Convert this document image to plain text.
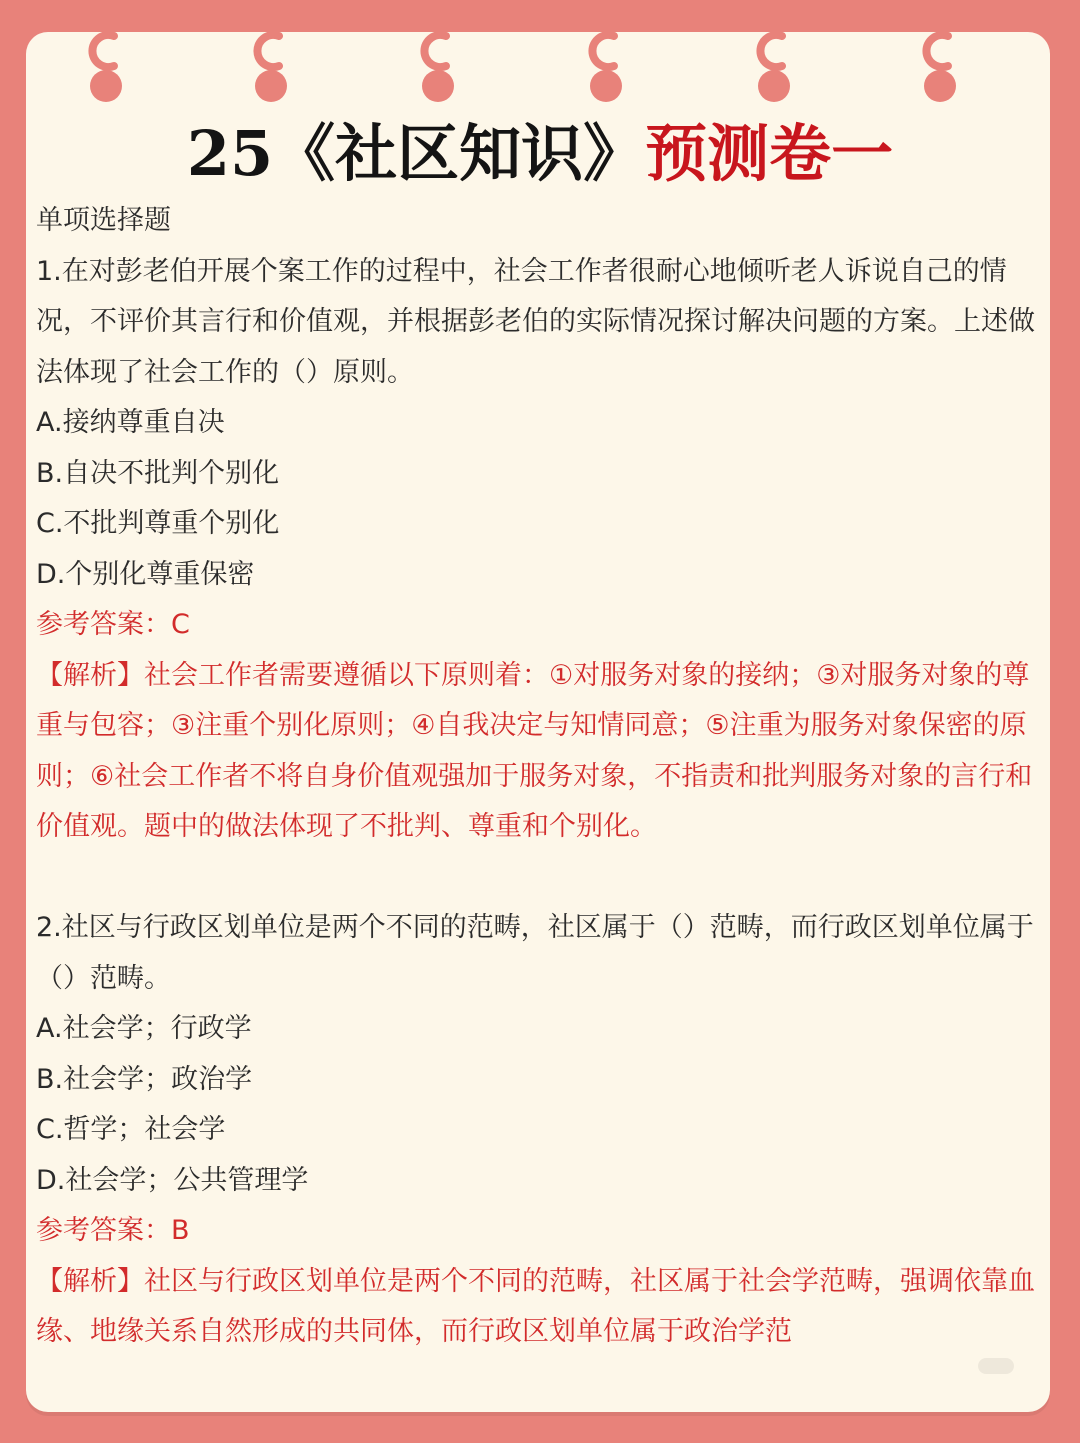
25《社区知识》预测卷一

单项选择题

1.在对彭老伯开展个案工作的过程中，社会工作者很耐心地倾听老人诉说自己的情况，不评价其言行和价值观，并根据彭老伯的实际情况探讨解决问题的方案。上述做法体现了社会工作的（）原则。

A.接纳尊重自决

B.自决不批判个别化

C.不批判尊重个别化

D.个别化尊重保密

参考答案：C

【解析】社会工作者需要遵循以下原则着：①对服务对象的接纳；③对服务对象的尊重与包容；③注重个别化原则；④自我决定与知情同意；⑤注重为服务对象保密的原则；⑥社会工作者不将自身价值观强加于服务对象，不指责和批判服务对象的言行和价值观。题中的做法体现了不批判、尊重和个别化。

2.社区与行政区划单位是两个不同的范畴，社区属于（）范畴，而行政区划单位属于（）范畴。

A.社会学；行政学

B.社会学；政治学

C.哲学；社会学

D.社会学；公共管理学

参考答案：B

【解析】社区与行政区划单位是两个不同的范畴，社区属于社会学范畴，强调依靠血缘、地缘关系自然形成的共同体，而行政区划单位属于政治学范
